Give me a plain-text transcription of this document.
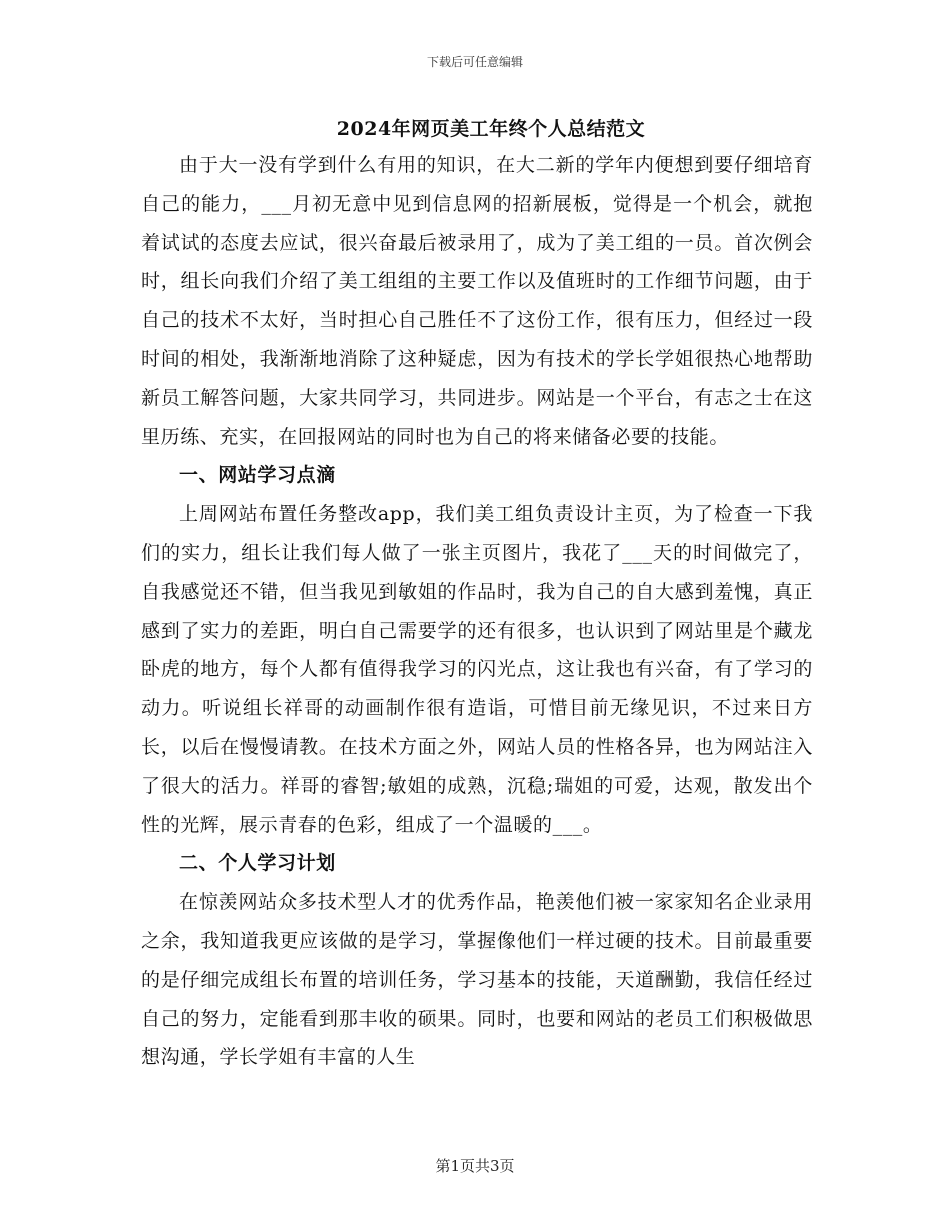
下载后可任意编辑
2024年网页美工年终个人总结范文

由于大一没有学到什么有用的知识，在大二新的学年内便想到要仔细培育自己的能力，___月初无意中见到信息网的招新展板，觉得是一个机会，就抱着试试的态度去应试，很兴奋最后被录用了，成为了美工组的一员。首次例会时，组长向我们介绍了美工组组的主要工作以及值班时的工作细节问题，由于自己的技术不太好，当时担心自己胜任不了这份工作，很有压力，但经过一段时间的相处，我渐渐地消除了这种疑虑，因为有技术的学长学姐很热心地帮助新员工解答问题，大家共同学习，共同进步。网站是一个平台，有志之士在这里历练、充实，在回报网站的同时也为自己的将来储备必要的技能。

一、网站学习点滴

上周网站布置任务整改app，我们美工组负责设计主页，为了检查一下我们的实力，组长让我们每人做了一张主页图片，我花了___天的时间做完了，自我感觉还不错，但当我见到敏姐的作品时，我为自己的自大感到羞愧，真正感到了实力的差距，明白自己需要学的还有很多，也认识到了网站里是个藏龙卧虎的地方，每个人都有值得我学习的闪光点，这让我也有兴奋，有了学习的动力。听说组长祥哥的动画制作很有造诣，可惜目前无缘见识，不过来日方长，以后在慢慢请教。在技术方面之外，网站人员的性格各异，也为网站注入了很大的活力。祥哥的睿智;敏姐的成熟，沉稳;瑞姐的可爱，达观，散发出个性的光辉，展示青春的色彩，组成了一个温暖的___。

二、个人学习计划

在惊羡网站众多技术型人才的优秀作品，艳羡他们被一家家知名企业录用之余，我知道我更应该做的是学习，掌握像他们一样过硬的技术。目前最重要的是仔细完成组长布置的培训任务，学习基本的技能，天道酬勤，我信任经过自己的努力，定能看到那丰收的硕果。同时，也要和网站的老员工们积极做思想沟通，学长学姐有丰富的人生

第1页共3页
